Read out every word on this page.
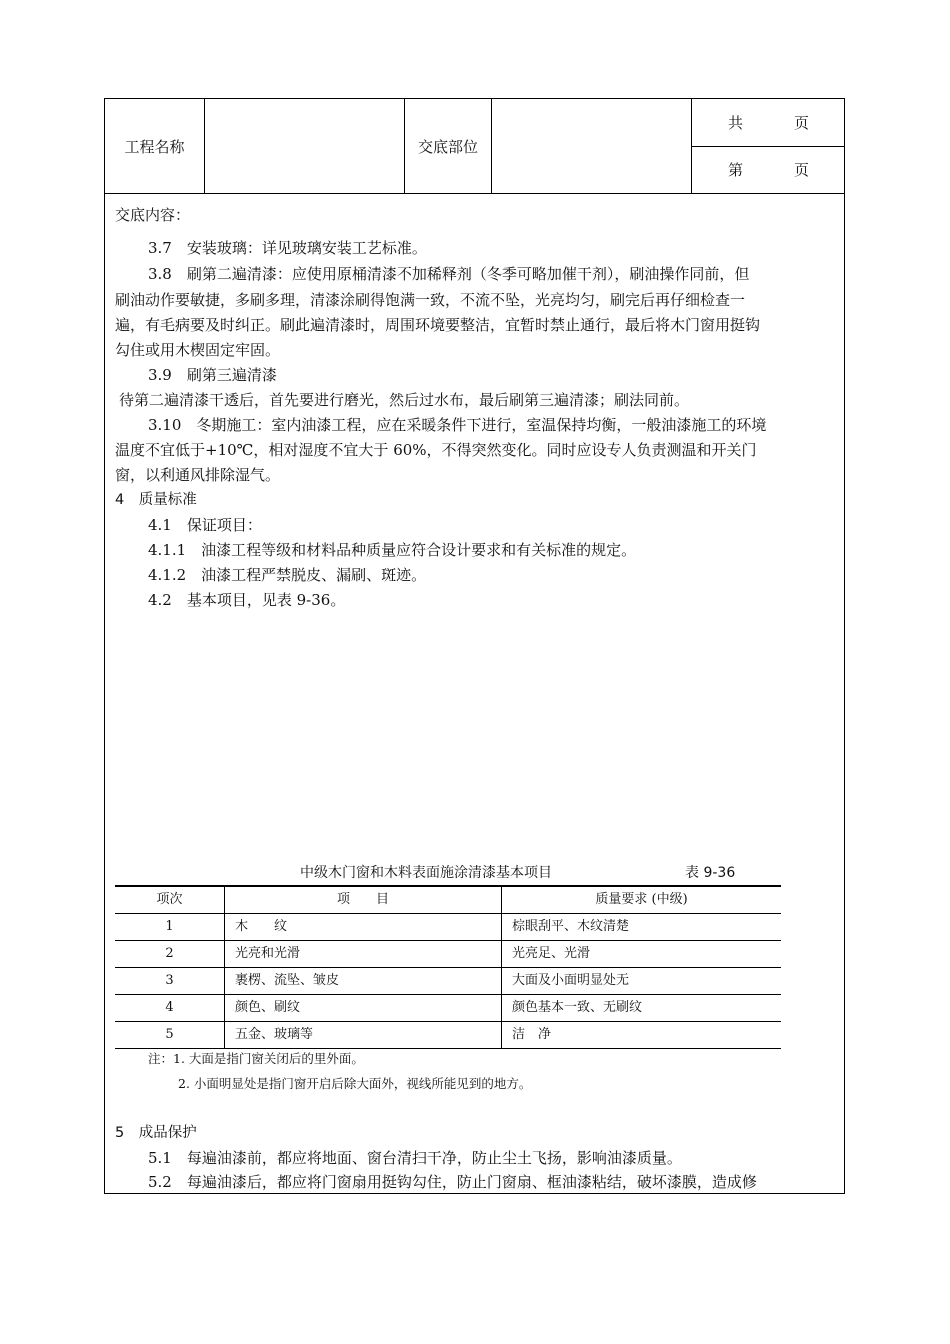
工程名称	交底部位
共	页
第	页
交底内容：
3.7　安装玻璃：详见玻璃安装工艺标准。
3.8　刷第二遍清漆：应使用原桶清漆不加稀释剂（冬季可略加催干剂），刷油操作同前，但
刷油动作要敏捷，多刷多理，清漆涂刷得饱满一致，不流不坠，光亮均匀，刷完后再仔细检查一
遍，有毛病要及时纠正。刷此遍清漆时，周围环境要整洁，宜暂时禁止通行，最后将木门窗用挺钩
勾住或用木楔固定牢固。
3.9　刷第三遍清漆
待第二遍清漆干透后，首先要进行磨光，然后过水布，最后刷第三遍清漆；刷法同前。
3.10　冬期施工：室内油漆工程，应在采暖条件下进行，室温保持均衡，一般油漆施工的环境
温度不宜低于+10℃，相对湿度不宜大于 60%，不得突然变化。同时应设专人负责测温和开关门
窗，以利通风排除湿气。
4　质量标准
4.1　保证项目：
4.1.1　油漆工程等级和材料品种质量应符合设计要求和有关标准的规定。
4.1.2　油漆工程严禁脱皮、漏刷、斑迹。
4.2　基本项目，见表 9-36。
中级木门窗和木料表面施涂清漆基本项目	表 9-36
项次	项　　目	质量要求 (中级)
1	木　　纹	棕眼刮平、木纹清楚
2	光亮和光滑	光亮足、光滑
3	裹楞、流坠、皱皮	大面及小面明显处无
4	颜色、刷纹	颜色基本一致、无刷纹
5	五金、玻璃等	洁　净
注：1. 大面是指门窗关闭后的里外面。
2. 小面明显处是指门窗开启后除大面外，视线所能见到的地方。
5　成品保护
5.1　每遍油漆前，都应将地面、窗台清扫干净，防止尘土飞扬，影响油漆质量。
5.2　每遍油漆后，都应将门窗扇用挺钩勾住，防止门窗扇、框油漆粘结，破坏漆膜，造成修
